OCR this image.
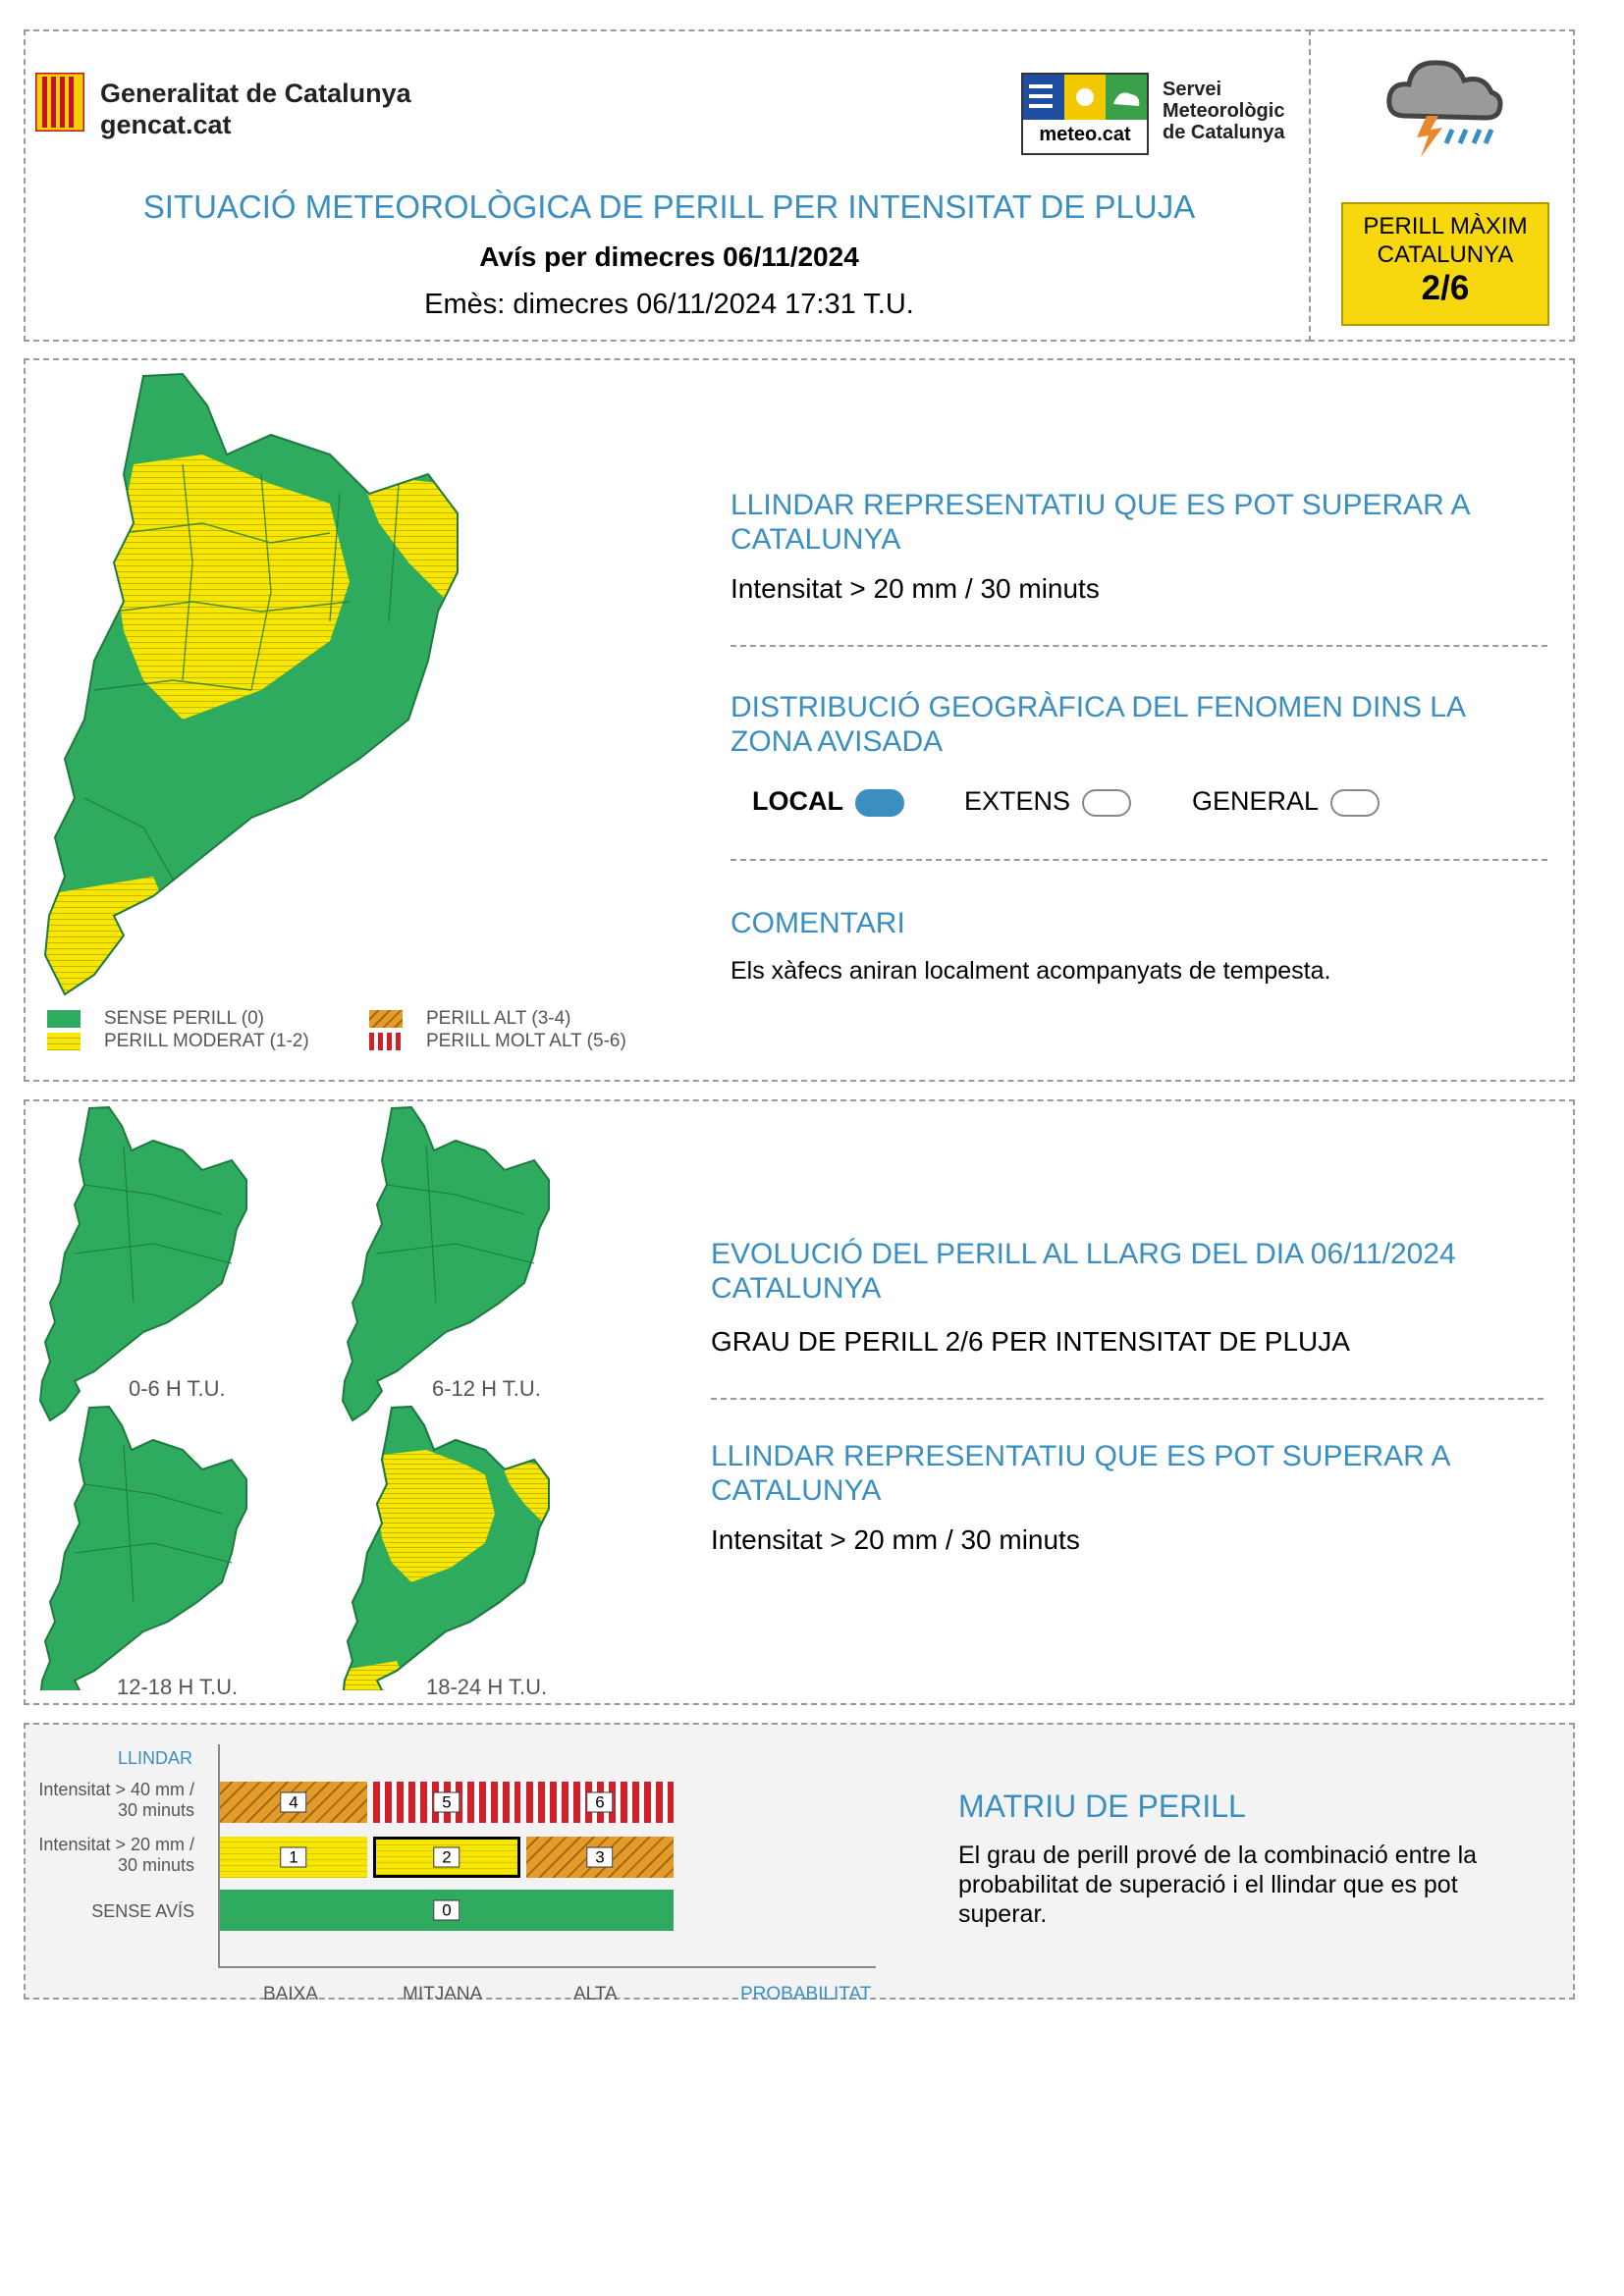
Generalitat de Catalunya
gencat.cat	meteo.cat
Servei
Meteorològic
de Catalunya
SITUACIÓ METEOROLÒGICA DE PERILL PER INTENSITAT DE PLUJA
Avís per dimecres 06/11/2024
Emès: dimecres 06/11/2024 17:31 T.U.
PERILL MÀXIM
CATALUNYA
2/6
SENSE PERILL (0)
PERILL MODERAT (1-2)
PERILL ALT (3-4)
PERILL MOLT ALT (5-6)
LLINDAR REPRESENTATIU QUE ES POT SUPERAR A CATALUNYA
Intensitat > 20 mm / 30 minuts
DISTRIBUCIÓ GEOGRÀFICA DEL FENOMEN DINS LA ZONA AVISADA
LOCAL	EXTENS	GENERAL
COMENTARI
Els xàfecs aniran localment acompanyats de tempesta.
0-6 H T.U.	6-12 H T.U.
12-18 H T.U.	18-24 H T.U.
EVOLUCIÓ DEL PERILL AL LLARG DEL DIA 06/11/2024 CATALUNYA
GRAU DE PERILL 2/6 PER INTENSITAT DE PLUJA
LLINDAR REPRESENTATIU QUE ES POT SUPERAR A CATALUNYA
Intensitat > 20 mm / 30 minuts
LLINDAR
Intensitat > 40 mm / 30 minuts
Intensitat > 20 mm / 30 minuts
SENSE AVÍS
4	5	6
1	2	3
0
BAIXA	MITJANA	ALTA	PROBABILITAT
MATRIU DE PERILL
El grau de perill prové de la combinació entre la probabilitat de superació i el llindar que es pot superar.
